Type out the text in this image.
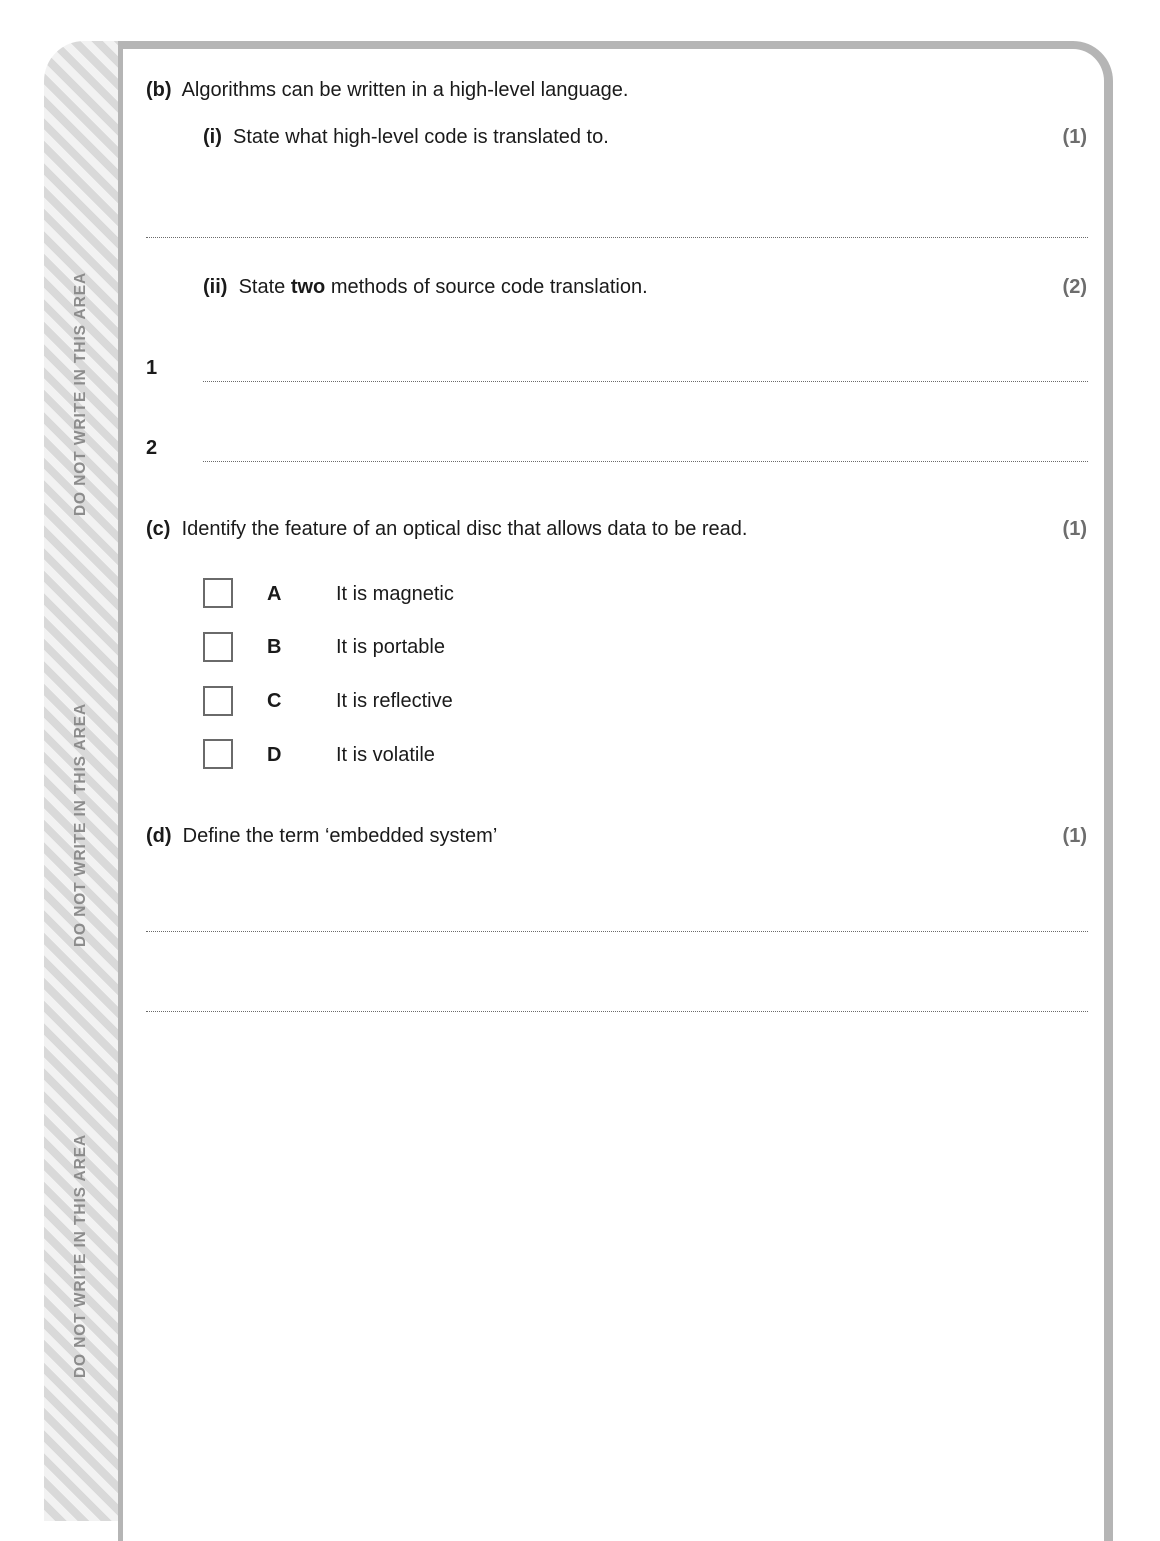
DO NOT WRITE IN THIS AREA
DO NOT WRITE IN THIS AREA
DO NOT WRITE IN THIS AREA
(b) Algorithms can be written in a high-level language.
(i) State what high-level code is translated to.	(1)
(ii) State two methods of source code translation.	(2)
1
2
(c) Identify the feature of an optical disc that allows data to be read.	(1)
A	It is magnetic
B	It is portable
C	It is reflective
D	It is volatile
(d) Define the term ‘embedded system’	(1)
